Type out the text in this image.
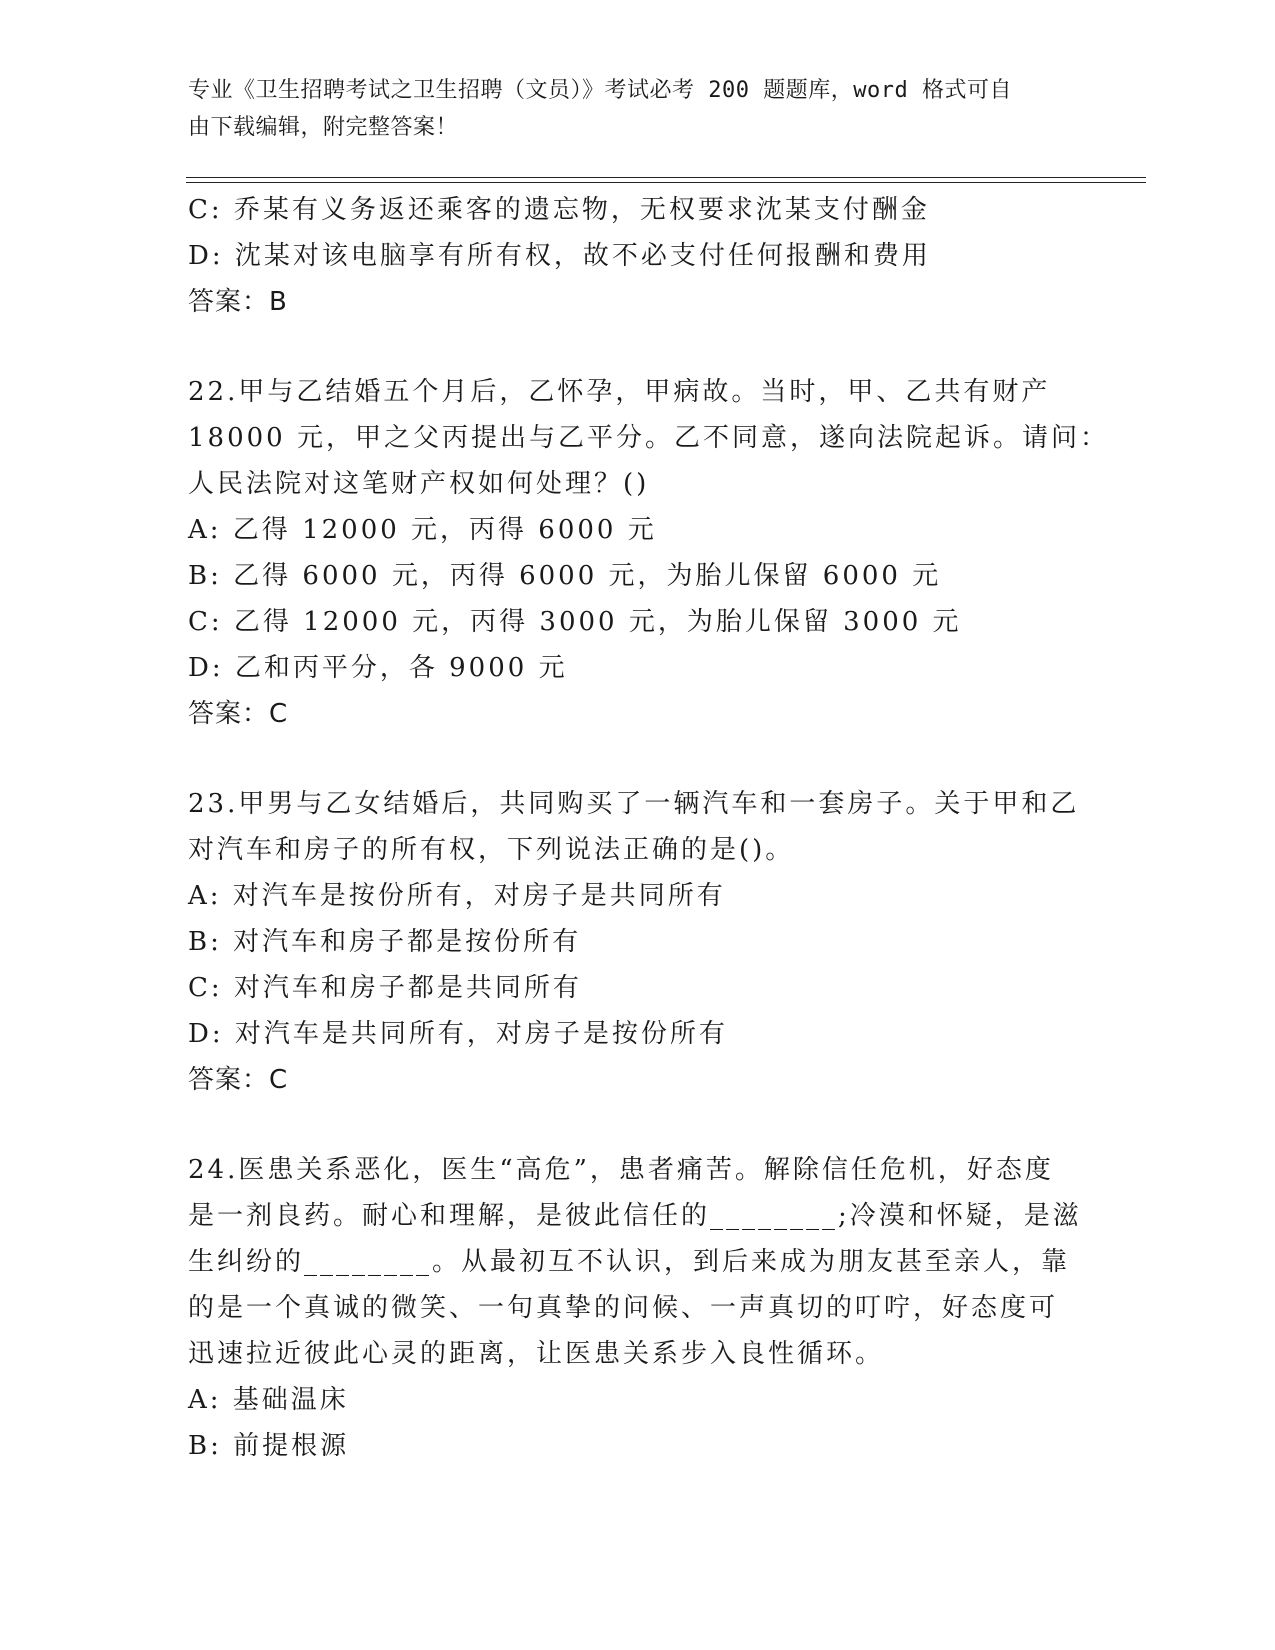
专业《卫生招聘考试之卫生招聘（文员）》考试必考 200 题题库，word 格式可自
由下载编辑，附完整答案！
C: 乔某有义务返还乘客的遗忘物，无权要求沈某支付酬金
D: 沈某对该电脑享有所有权，故不必支付任何报酬和费用
答案：B
22.甲与乙结婚五个月后，乙怀孕，甲病故。当时，甲、乙共有财产
18000 元，甲之父丙提出与乙平分。乙不同意，遂向法院起诉。请问：
人民法院对这笔财产权如何处理？()
A: 乙得 12000 元，丙得 6000 元
B: 乙得 6000 元，丙得 6000 元，为胎儿保留 6000 元
C: 乙得 12000 元，丙得 3000 元，为胎儿保留 3000 元
D: 乙和丙平分，各 9000 元
答案：C
23.甲男与乙女结婚后，共同购买了一辆汽车和一套房子。关于甲和乙
对汽车和房子的所有权，下列说法正确的是()。
A: 对汽车是按份所有，对房子是共同所有
B: 对汽车和房子都是按份所有
C: 对汽车和房子都是共同所有
D: 对汽车是共同所有，对房子是按份所有
答案：C
24.医患关系恶化，医生“高危”，患者痛苦。解除信任危机，好态度
是一剂良药。耐心和理解，是彼此信任的________;冷漠和怀疑，是滋
生纠纷的________。从最初互不认识，到后来成为朋友甚至亲人，靠
的是一个真诚的微笑、一句真挚的问候、一声真切的叮咛，好态度可
迅速拉近彼此心灵的距离，让医患关系步入良性循环。
A: 基础温床
B: 前提根源
